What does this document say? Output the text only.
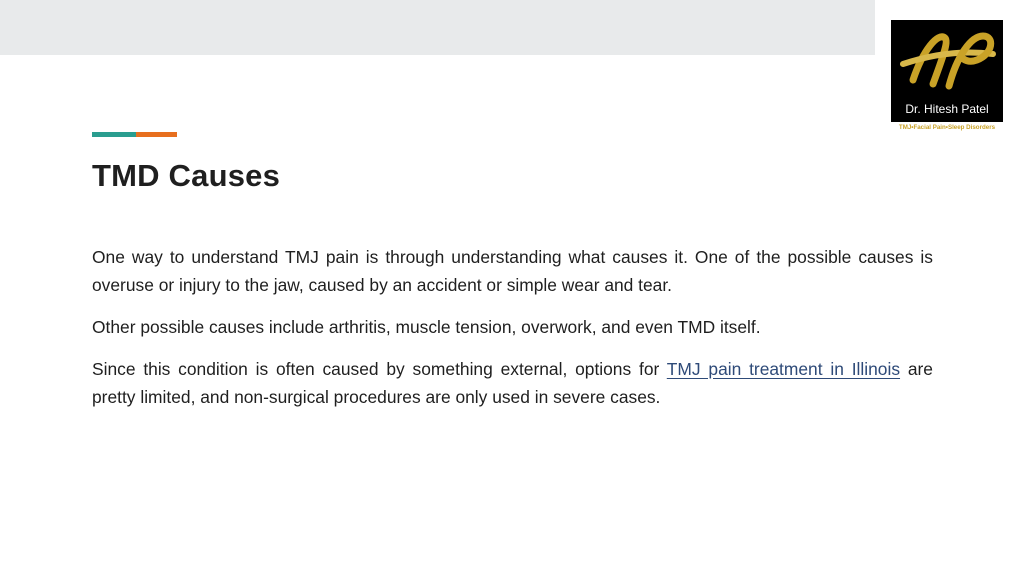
Dr. Hitesh Patel
TMJ•Facial Pain•Sleep Disorders
TMD Causes

One way to understand TMJ pain is through understanding what causes it. One of the possible causes is overuse or injury to the jaw, caused by an accident or simple wear and tear.

Other possible causes include arthritis, muscle tension, overwork, and even TMD itself.

Since this condition is often caused by something external, options for TMJ pain treatment in Illinois are pretty limited, and non-surgical procedures are only used in severe cases.
